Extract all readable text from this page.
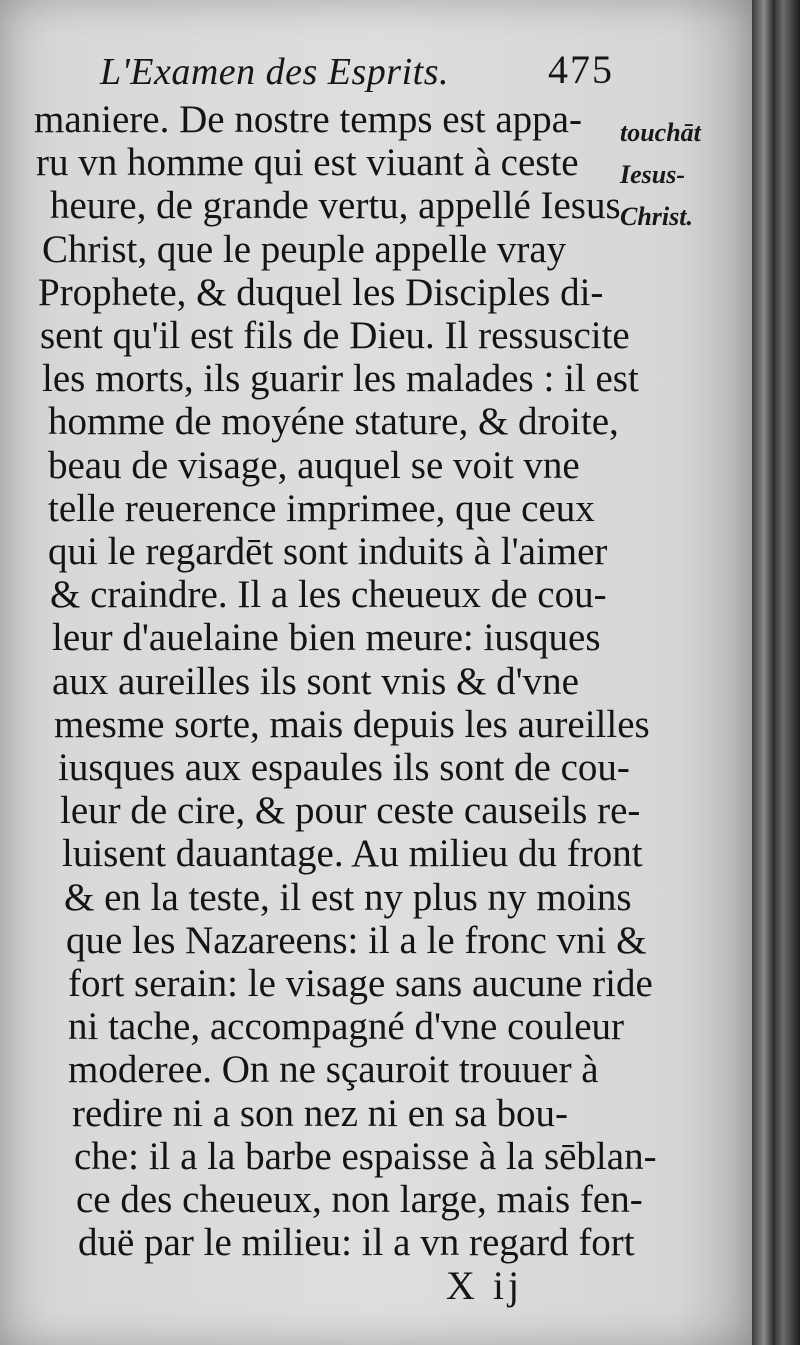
L'Examen des Esprits. 475
maniere. De nostre temps est appa-
ru vn homme qui est viuant à ceste
heure, de grande vertu, appellé Iesus
Christ, que le peuple appelle vray
Prophete, & duquel les Disciples di-
sent qu'il est fils de Dieu. Il ressuscite
les morts, ils guarir les malades : il est
homme de moyéne stature, & droite,
beau de visage, auquel se voit vne
telle reuerence imprimee, que ceux
qui le regardēt sont induits à l'aimer
& craindre. Il a les cheueux de cou-
leur d'auelaine bien meure: iusques
aux aureilles ils sont vnis & d'vne
mesme sorte, mais depuis les aureilles
iusques aux espaules ils sont de cou-
leur de cire, & pour ceste causeils re-
luisent dauantage. Au milieu du front
& en la teste, il est ny plus ny moins
que les Nazareens: il a le fronc vni &
fort serain: le visage sans aucune ride
ni tache, accompagné d'vne couleur
moderee. On ne sçauroit trouuer à
redire ni a son nez ni en sa bou-
che: il a la barbe espaisse à la sēblan-
ce des cheueux, non large, mais fen-
duë par le milieu: il a vn regard fort
touchāt
Iesus-
Christ.
X ij
